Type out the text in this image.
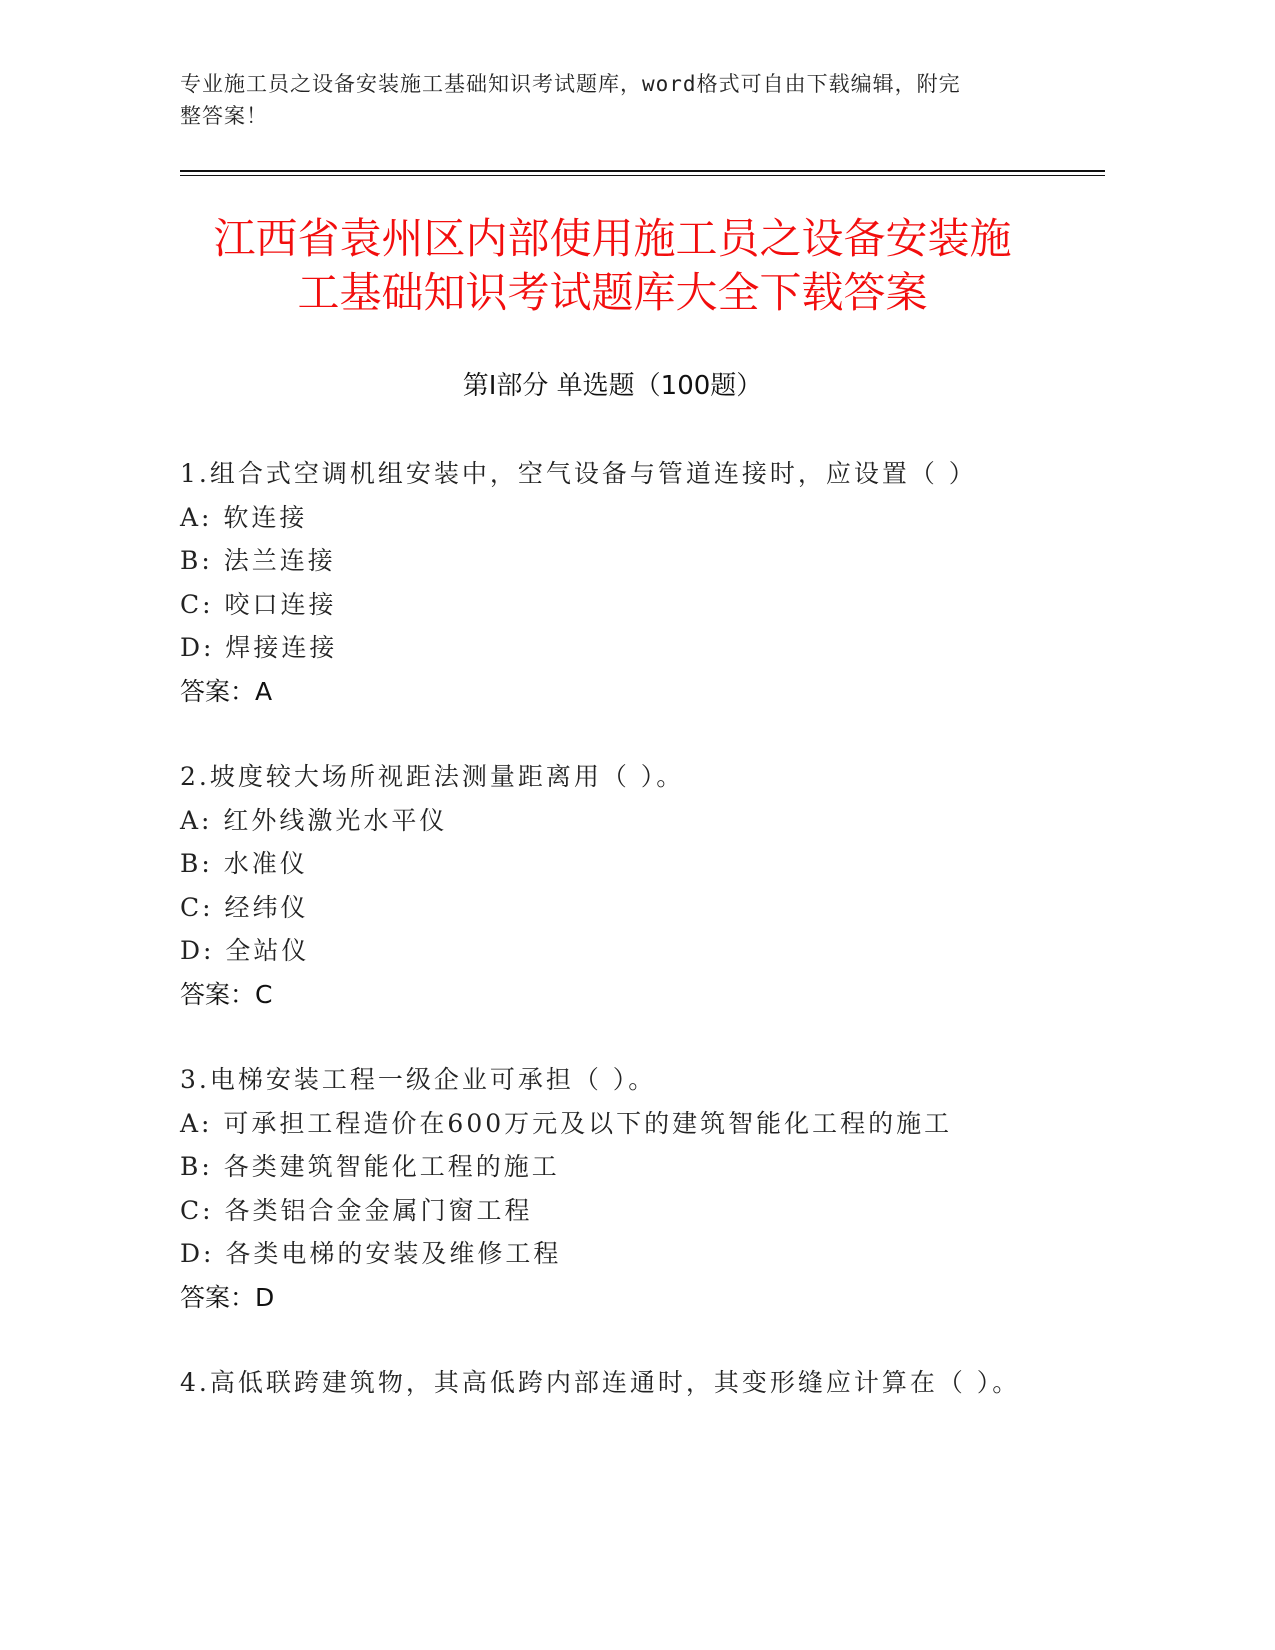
专业施工员之设备安装施工基础知识考试题库，word格式可自由下载编辑，附完
整答案！
江西省袁州区内部使用施工员之设备安装施
工基础知识考试题库大全下载答案
第Ⅰ部分 单选题（100题）
1.组合式空调机组安装中，空气设备与管道连接时，应设置（ ）
A: 软连接
B: 法兰连接
C: 咬口连接
D: 焊接连接
答案：A
2.坡度较大场所视距法测量距离用（ ）。
A: 红外线激光水平仪
B: 水准仪
C: 经纬仪
D: 全站仪
答案：C
3.电梯安装工程一级企业可承担（ ）。
A: 可承担工程造价在600万元及以下的建筑智能化工程的施工
B: 各类建筑智能化工程的施工
C: 各类铝合金金属门窗工程
D: 各类电梯的安装及维修工程
答案：D
4.高低联跨建筑物，其高低跨内部连通时，其变形缝应计算在（ ）。
